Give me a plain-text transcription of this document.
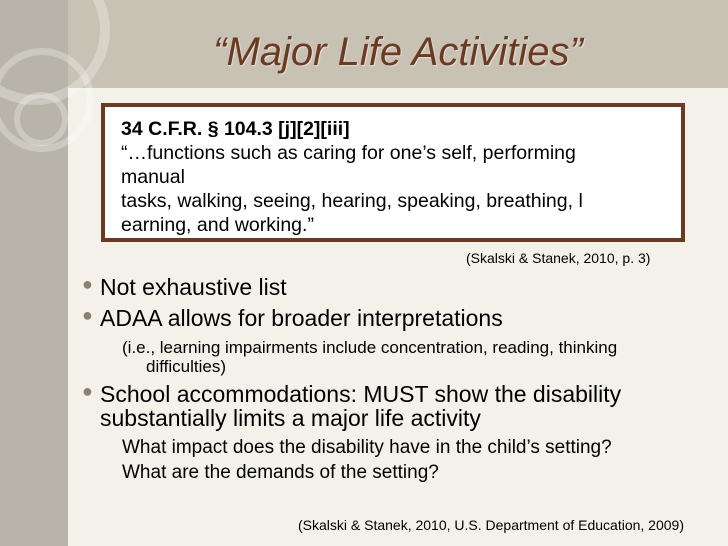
“Major Life Activities”
34 C.F.R. § 104.3 [j][2][iii]
“…functions such as caring for one’s self, performing
manual
tasks, walking, seeing, hearing, speaking, breathing, l
earning, and working.”
(Skalski & Stanek, 2010, p. 3)
● Not exhaustive list
● ADAA allows for broader interpretations
(i.e., learning impairments include concentration, reading, thinking
difficulties)
● School accommodations: MUST show the disability
substantially limits a major life activity
What impact does the disability have in the child’s setting?
What are the demands of the setting?
(Skalski & Stanek, 2010, U.S. Department of Education, 2009)
